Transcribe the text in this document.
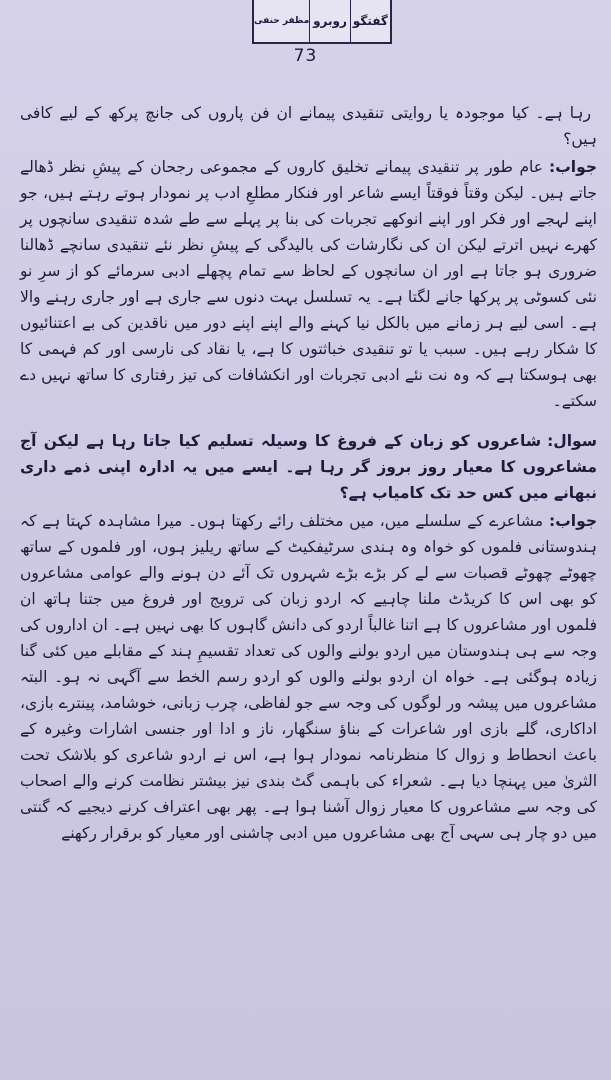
گفتگو
روبرو
مظفر حنفی
73

رہا ہے۔ کیا موجودہ یا روایتی تنقیدی پیمانے ان فن پاروں کی جانچ پرکھ کے لیے کافی ہیں؟

جواب:عام طور پر تنقیدی پیمانے تخلیق کاروں کے مجموعی رجحان کے پیشِ نظر ڈھالے جاتے ہیں۔ لیکن وقتاً فوقتاً ایسے شاعر اور فنکار مطلعِ ادب پر نمودار ہوتے رہتے ہیں، جو اپنے لہجے اور فکر اور اپنے انوکھے تجربات کی بنا پر پہلے سے طے شدہ تنقیدی سانچوں پر کھرے نہیں اترتے لیکن ان کی نگارشات کی بالیدگی کے پیشِ نظر نئے تنقیدی سانچے ڈھالنا ضروری ہو جاتا ہے اور ان سانچوں کے لحاظ سے تمام پچھلے ادبی سرمائے کو از سرِ نو نئی کسوٹی پر پرکھا جانے لگتا ہے۔ یہ تسلسل بہت دنوں سے جاری ہے اور جاری رہنے والا ہے۔ اسی لیے ہر زمانے میں بالکل نیا کہنے والے اپنے اپنے دور میں ناقدین کی بے اعتنائیوں کا شکار رہے ہیں۔ سبب یا تو تنقیدی خباثتوں کا ہے، یا نقاد کی نارسی اور کم فہمی کا بھی ہوسکتا ہے کہ وہ نت نئے ادبی تجربات اور انکشافات کی تیز رفتاری کا ساتھ نہیں دے سکتے۔

سوال:شاعروں کو زبان کے فروغ کا وسیلہ تسلیم کیا جاتا رہا ہے لیکن آج مشاعروں کا معیار روز بروز گر رہا ہے۔ ایسے میں یہ ادارہ اپنی ذمے داری نبھانے میں کس حد تک کامیاب ہے؟

جواب:مشاعرے کے سلسلے میں، میں مختلف رائے رکھتا ہوں۔ میرا مشاہدہ کہتا ہے کہ ہندوستانی فلموں کو خواہ وہ ہندی سرٹیفکیٹ کے ساتھ ریلیز ہوں، اور فلموں کے ساتھ چھوٹے چھوٹے قصبات سے لے کر بڑے بڑے شہروں تک آئے دن ہونے والے عوامی مشاعروں کو بھی اس کا کریڈٹ ملنا چاہیے کہ اردو زبان کی ترویج اور فروغ میں جتنا ہاتھ ان فلموں اور مشاعروں کا ہے اتنا غالباً اردو کی دانش گاہوں کا بھی نہیں ہے۔ ان اداروں کی وجہ سے ہی ہندوستان میں اردو بولنے والوں کی تعداد تقسیمِ ہند کے مقابلے میں کئی گنا زیادہ ہوگئی ہے۔ خواہ ان اردو بولنے والوں کو اردو رسم الخط سے آگہی نہ ہو۔ البتہ مشاعروں میں پیشہ ور لوگوں کی وجہ سے جو لفاظی، چرب زبانی، خوشامد، پینترے بازی، اداکاری، گلے بازی اور شاعرات کے بناؤ سنگھار، ناز و ادا اور جنسی اشارات وغیرہ کے باعث انحطاط و زوال کا منظرنامہ نمودار ہوا ہے، اس نے اردو شاعری کو بلاشک تحت الثریٰ میں پہنچا دیا ہے۔ شعراء کی باہمی گٹ بندی نیز بیشتر نظامت کرنے والے اصحاب کی وجہ سے مشاعروں کا معیار زوال آشنا ہوا ہے۔ پھر بھی اعتراف کرنے دیجیے کہ گنتی میں دو چار ہی سہی آج بھی مشاعروں میں ادبی چاشنی اور معیار کو برقرار رکھنے
